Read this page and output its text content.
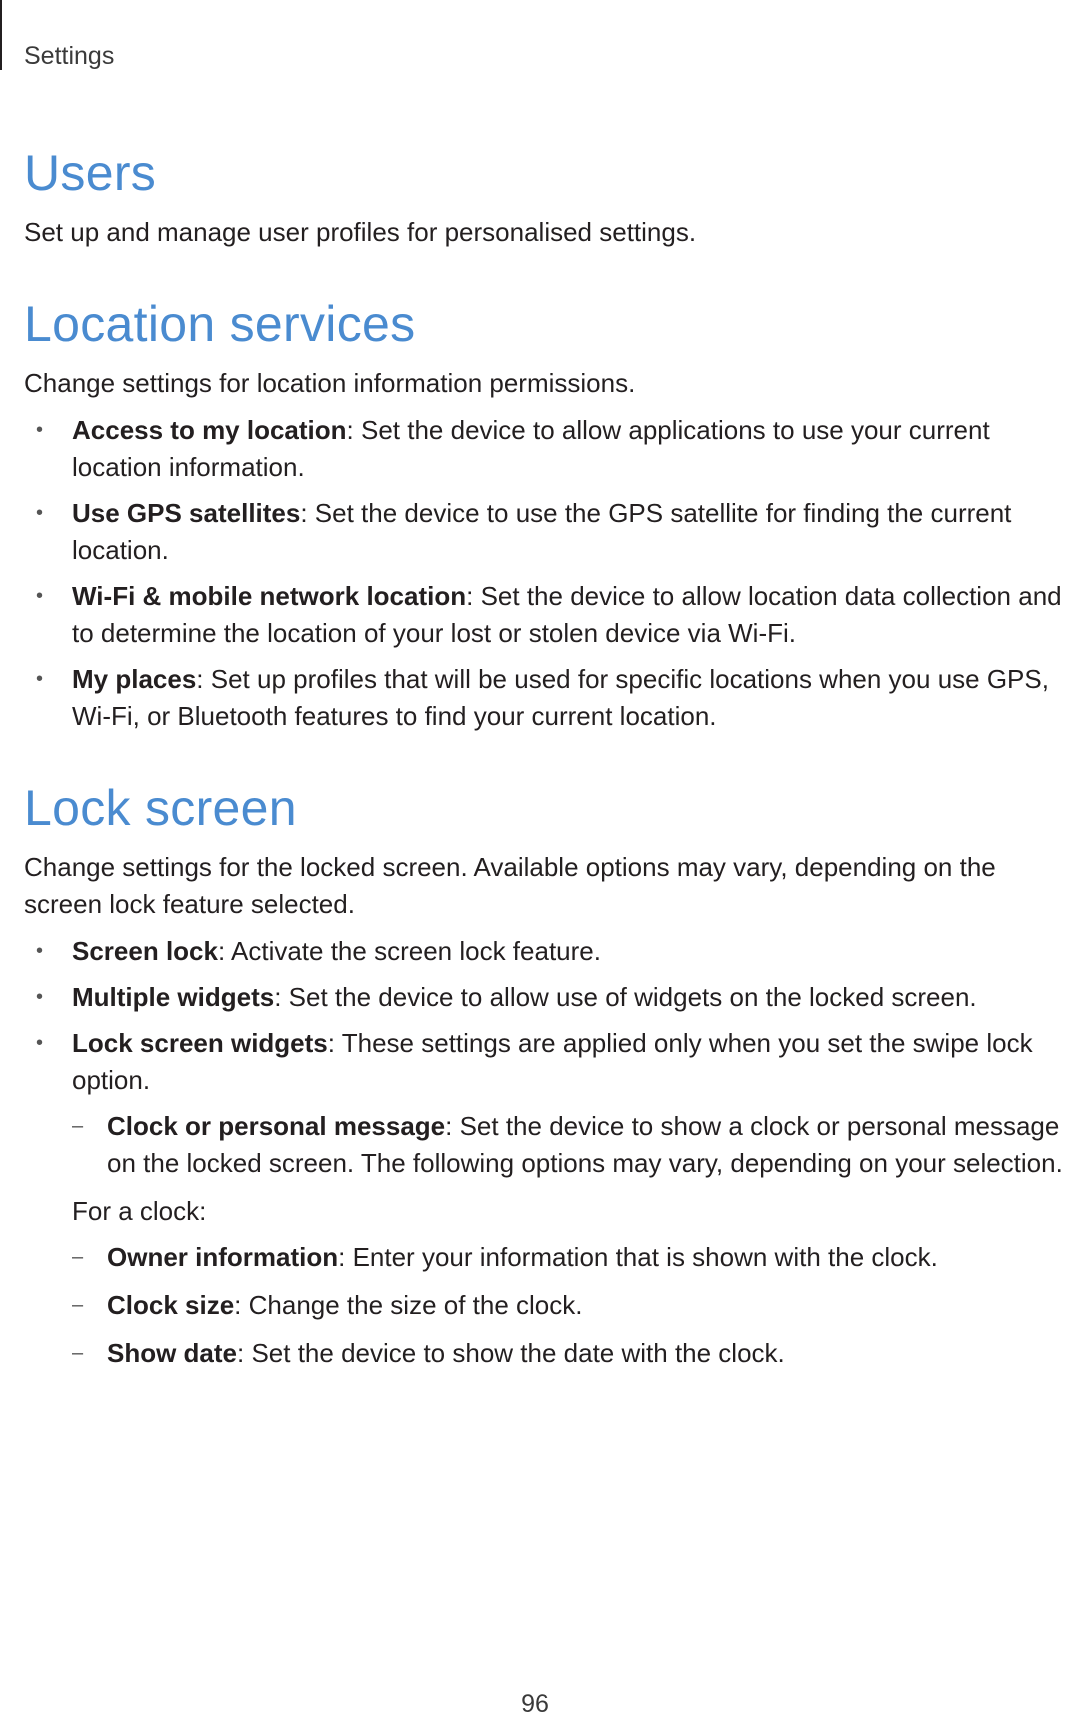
Settings
Users

Set up and manage user profiles for personalised settings.

Location services

Change settings for location information permissions.

• Access to my location: Set the device to allow applications to use your current location information.
• Use GPS satellites: Set the device to use the GPS satellite for finding the current location.
• Wi-Fi & mobile network location: Set the device to allow location data collection and to determine the location of your lost or stolen device via Wi-Fi.
• My places: Set up profiles that will be used for specific locations when you use GPS, Wi-Fi, or Bluetooth features to find your current location.
Lock screen

Change settings for the locked screen. Available options may vary, depending on the screen lock feature selected.

• Screen lock: Activate the screen lock feature.
• Multiple widgets: Set the device to allow use of widgets on the locked screen.
• Lock screen widgets: These settings are applied only when you set the swipe lock option.
– Clock or personal message: Set the device to show a clock or personal message on the locked screen. The following options may vary, depending on your selection.

For a clock:

– Owner information: Enter your information that is shown with the clock.
– Clock size: Change the size of the clock.
– Show date: Set the device to show the date with the clock.
96
